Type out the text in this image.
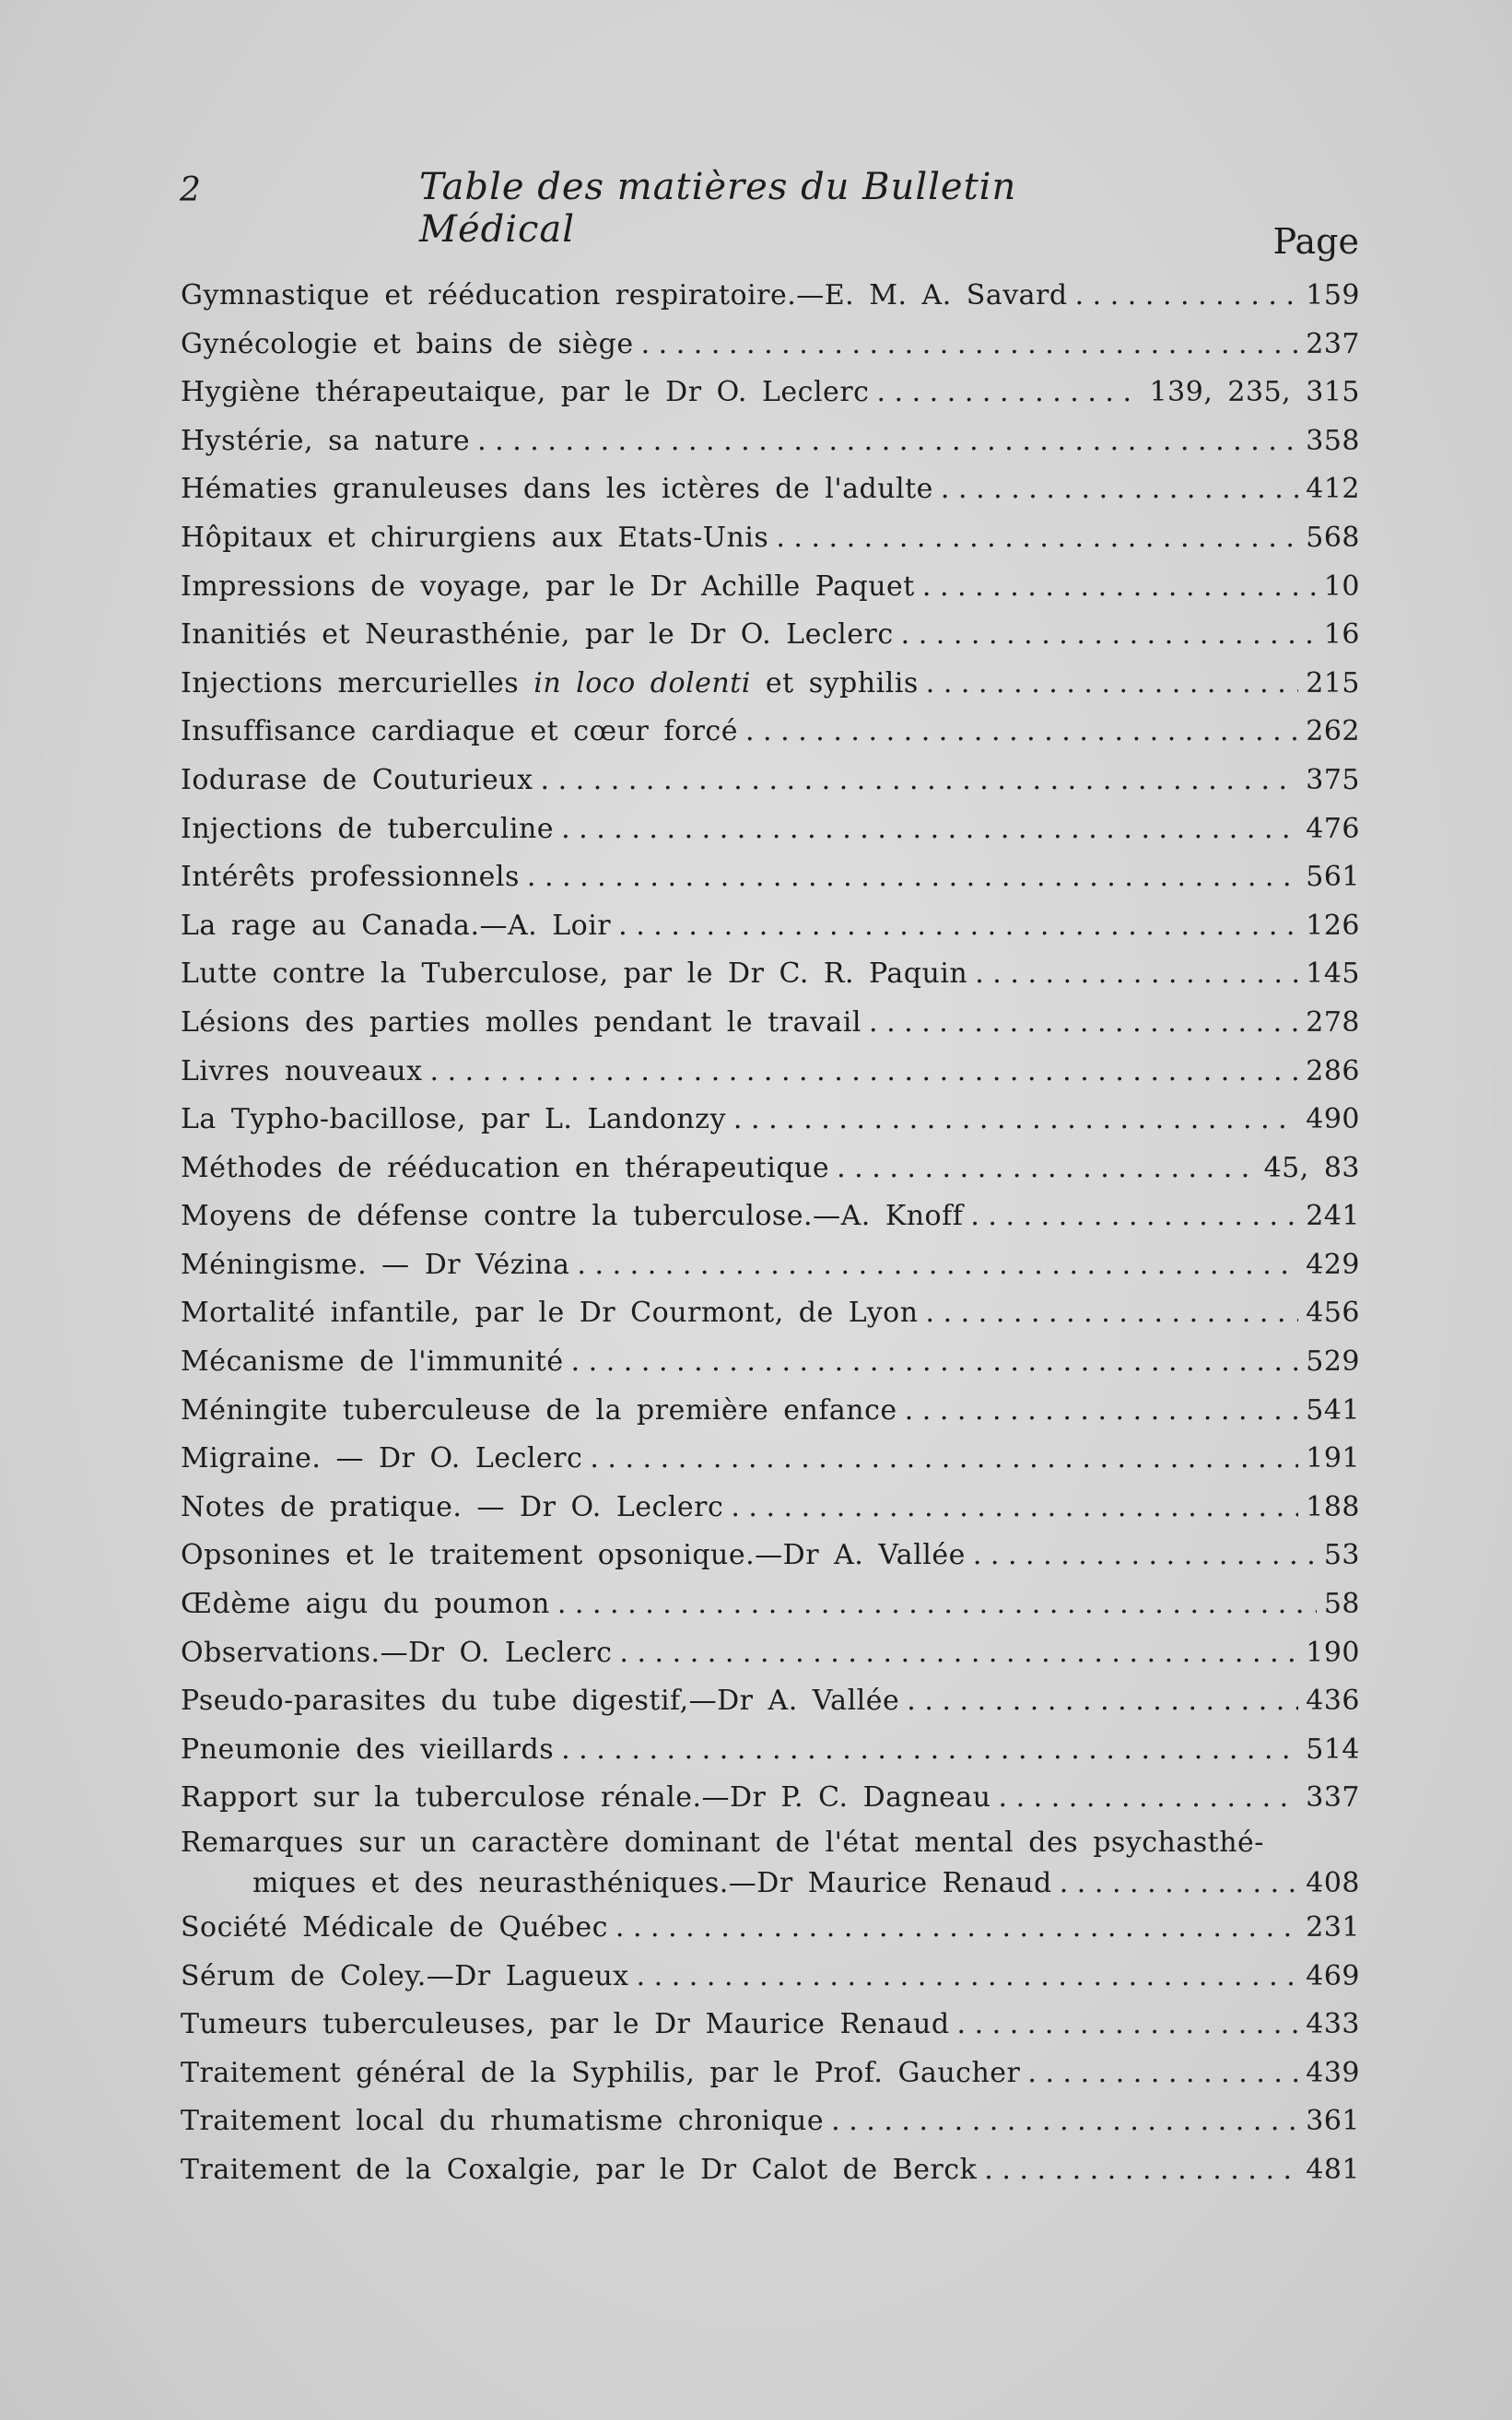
2	Table des matières du Bulletin Médical	Page
Gymnastique et rééducation respiratoire.—E. M. A. Savard . . .	159
Gynécologie et bains de siège . . .	237
Hygiène thérapeutaique, par le Dr O. Leclerc . . .	139, 235, 315
Hystérie, sa nature . . .	358
Hématies granuleuses dans les ictères de l'adulte . . .	412
Hôpitaux et chirurgiens aux Etats-Unis . . .	568
Impressions de voyage, par le Dr Achille Paquet . . .	10
Inanitiés et Neurasthénie, par le Dr O. Leclerc . . .	16
Injections mercurielles in loco dolenti et syphilis . . .	215
Insuffisance cardiaque et cœur forcé . . .	262
Iodurase de Couturieux . . .	375
Injections de tuberculine . . .	476
Intérêts professionnels . . .	561
La rage au Canada.—A. Loir . . .	126
Lutte contre la Tuberculose, par le Dr C. R. Paquin . . .	145
Lésions des parties molles pendant le travail . . .	278
Livres nouveaux . . .	286
La Typho-bacillose, par L. Landonzy . . .	490
Méthodes de rééducation en thérapeutique . . .	45, 83
Moyens de défense contre la tuberculose.—A. Knoff . . .	241
Méningisme. — Dr Vézina . . .	429
Mortalité infantile, par le Dr Courmont, de Lyon . . .	456
Mécanisme de l'immunité . . .	529
Méningite tuberculeuse de la première enfance . . .	541
Migraine. — Dr O. Leclerc . . .	191
Notes de pratique. — Dr O. Leclerc . . .	188
Opsonines et le traitement opsonique.—Dr A. Vallée . . .	53
Œdème aigu du poumon . . .	58
Observations.—Dr O. Leclerc . . .	190
Pseudo-parasites du tube digestif,—Dr A. Vallée . . .	436
Pneumonie des vieillards . . .	514
Rapport sur la tuberculose rénale.—Dr P. C. Dagneau . . .	337
Remarques sur un caractère dominant de l'état mental des psychasthé-
miques et des neurasthéniques.—Dr Maurice Renaud . . .	408
Société Médicale de Québec . . .	231
Sérum de Coley.—Dr Lagueux . . .	469
Tumeurs tuberculeuses, par le Dr Maurice Renaud . . .	433
Traitement général de la Syphilis, par le Prof. Gaucher . . .	439
Traitement local du rhumatisme chronique . . .	361
Traitement de la Coxalgie, par le Dr Calot de Berck . . .	481
